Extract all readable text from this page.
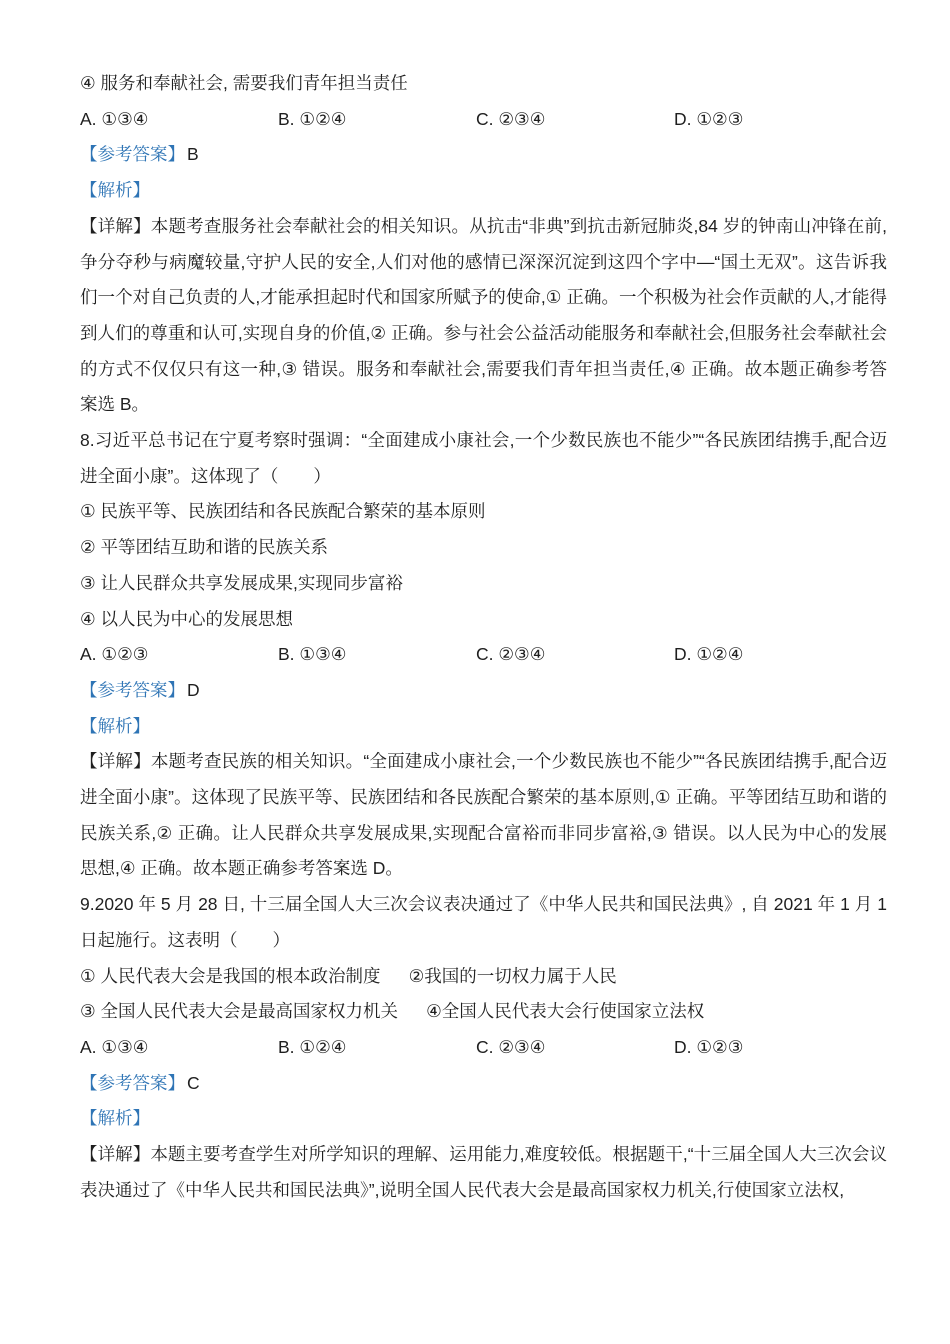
④ 服务和奉献社会, 需要我们青年担当责任

A. ①③④	B. ①②④	C. ②③④	D. ①②③

【参考答案】 B

【解析】

【详解】本题考查服务社会奉献社会的相关知识。从抗击“非典”到抗击新冠肺炎,84 岁的钟南山冲锋在前,争分夺秒与病魔较量,守护人民的安全,人们对他的感情已深深沉淀到这四个字中—“国土无双”。这告诉我们一个对自己负责的人,才能承担起时代和国家所赋予的使命,① 正确。一个积极为社会作贡献的人,才能得到人们的尊重和认可,实现自身的价值,② 正确。参与社会公益活动能服务和奉献社会,但服务社会奉献社会的方式不仅仅只有这一种,③ 错误。服务和奉献社会,需要我们青年担当责任,④ 正确。故本题正确参考答案选 B。

8.习近平总书记在宁夏考察时强调：“全面建成小康社会,一个少数民族也不能少”“各民族团结携手,配合迈进全面小康”。这体现了（　　）

① 民族平等、民族团结和各民族配合繁荣的基本原则

② 平等团结互助和谐的民族关系

③ 让人民群众共享发展成果,实现同步富裕

④ 以人民为中心的发展思想

A. ①②③	B. ①③④	C. ②③④	D. ①②④

【参考答案】 D

【解析】

【详解】本题考查民族的相关知识。“全面建成小康社会,一个少数民族也不能少”“各民族团结携手,配合迈进全面小康”。这体现了民族平等、民族团结和各民族配合繁荣的基本原则,① 正确。平等团结互助和谐的民族关系,② 正确。让人民群众共享发展成果,实现配合富裕而非同步富裕,③ 错误。以人民为中心的发展思想,④ 正确。故本题正确参考答案选 D。

9.2020 年 5 月 28 日, 十三届全国人大三次会议表决通过了《中华人民共和国民法典》, 自 2021 年 1 月 1 日起施行。这表明（　　）

① 人民代表大会是我国的根本政治制度 ②我国的一切权力属于人民

③ 全国人民代表大会是最高国家权力机关 ④全国人民代表大会行使国家立法权

A. ①③④	B. ①②④	C. ②③④	D. ①②③

【参考答案】 C

【解析】

【详解】本题主要考查学生对所学知识的理解、运用能力,难度较低。根据题干,“十三届全国人大三次会议表决通过了《中华人民共和国民法典》”,说明全国人民代表大会是最高国家权力机关,行使国家立法权,
